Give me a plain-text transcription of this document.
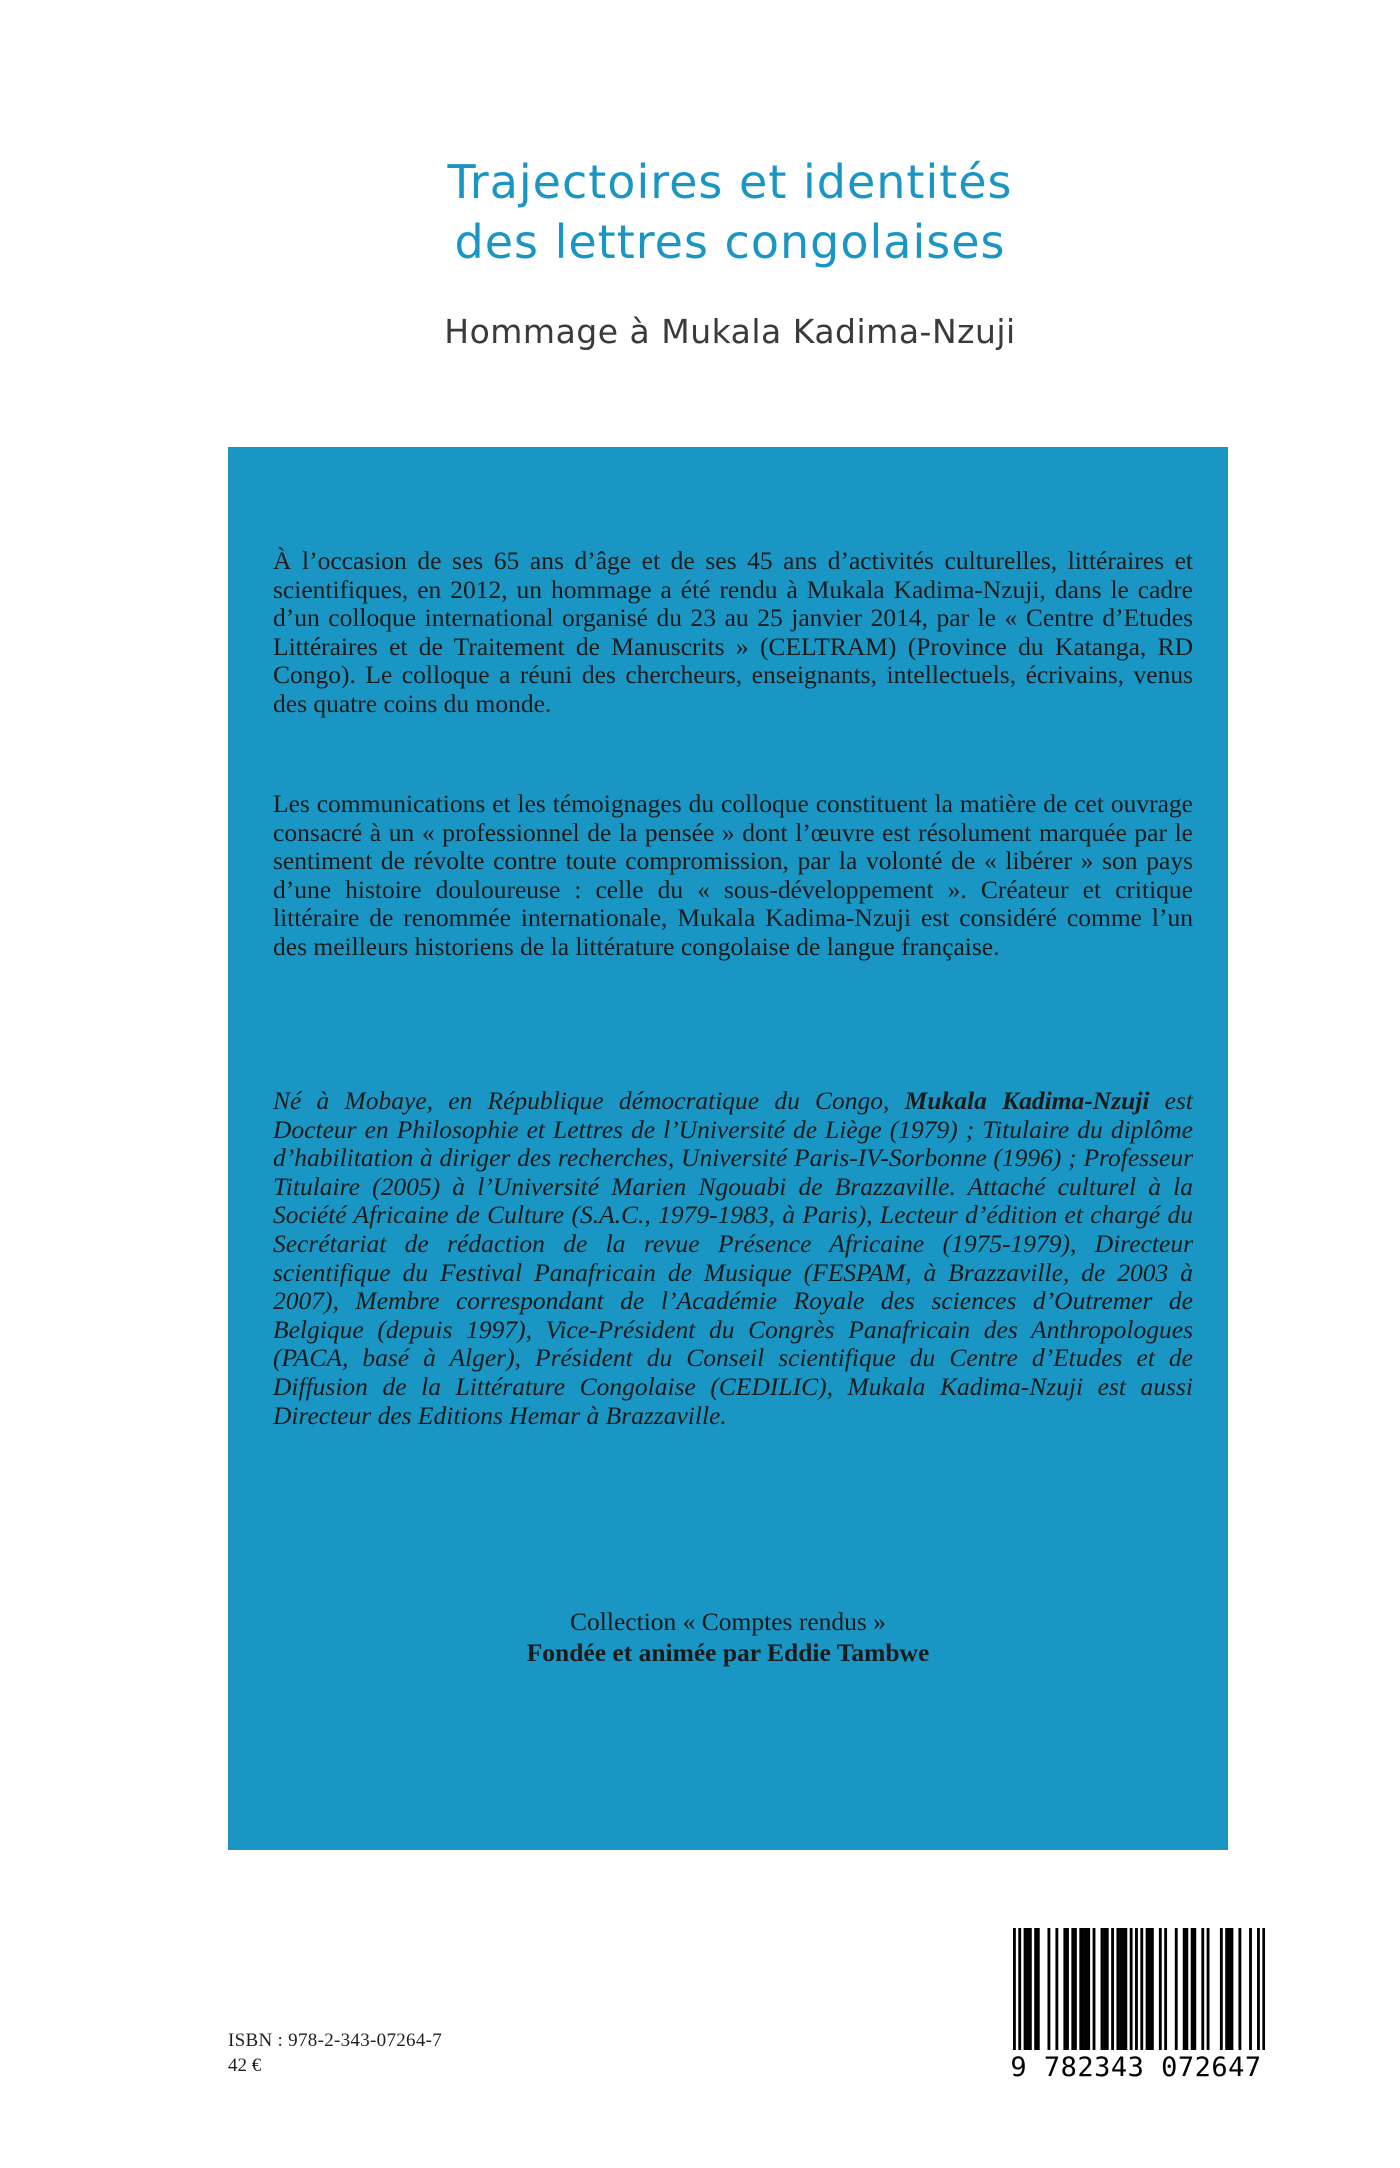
Trajectoires et identités
des lettres congolaises
Hommage à Mukala Kadima-Nzuji
À l’occasion de ses 65 ans d’âge et de ses 45 ans d’activités culturelles, littéraires et scientifiques, en 2012, un hommage a été rendu à Mukala Kadima-Nzuji, dans le cadre d’un colloque international organisé du 23 au 25 janvier 2014, par le « Centre d’Etudes Littéraires et de Traitement de Manuscrits » (CELTRAM) (Province du Katanga, RD Congo). Le colloque a réuni des chercheurs, enseignants, intellectuels, écrivains, venus des quatre coins du monde.
Les communications et les témoignages du colloque constituent la matière de cet ouvrage consacré à un « professionnel de la pensée » dont l’œuvre est résolument marquée par le sentiment de révolte contre toute compromission, par la volonté de « libérer » son pays d’une histoire douloureuse : celle du « sous-développement ». Créateur et critique littéraire de renommée internationale, Mukala Kadima-Nzuji est considéré comme l’un des meilleurs historiens de la littérature congolaise de langue française.
Né à Mobaye, en République démocratique du Congo, Mukala Kadima-Nzuji est Docteur en Philosophie et Lettres de l’Université de Liège (1979) ; Titulaire du diplôme d’habilitation à diriger des recherches, Université Paris-IV-Sorbonne (1996) ; Professeur Titulaire (2005) à l’Université Marien Ngouabi de Brazzaville. Attaché culturel à la Société Africaine de Culture (S.A.C., 1979-1983, à Paris), Lecteur d’édition et chargé du Secrétariat de rédaction de la revue Présence Africaine (1975-1979), Directeur scientifique du Festival Panafricain de Musique (FESPAM, à Brazzaville, de 2003 à 2007), Membre correspondant de l’Académie Royale des sciences d’Outremer de Belgique (depuis 1997), Vice-Président du Congrès Panafricain des Anthropologues (PACA, basé à Alger), Président du Conseil scientifique du Centre d’Etudes et de Diffusion de la Littérature Congolaise (CEDILIC), Mukala Kadima-Nzuji est aussi Directeur des Editions Hemar à Brazzaville.
Collection « Comptes rendus »
Fondée et animée par Eddie Tambwe
ISBN : 978-2-343-07264-7
42 €	9 782343 072647
